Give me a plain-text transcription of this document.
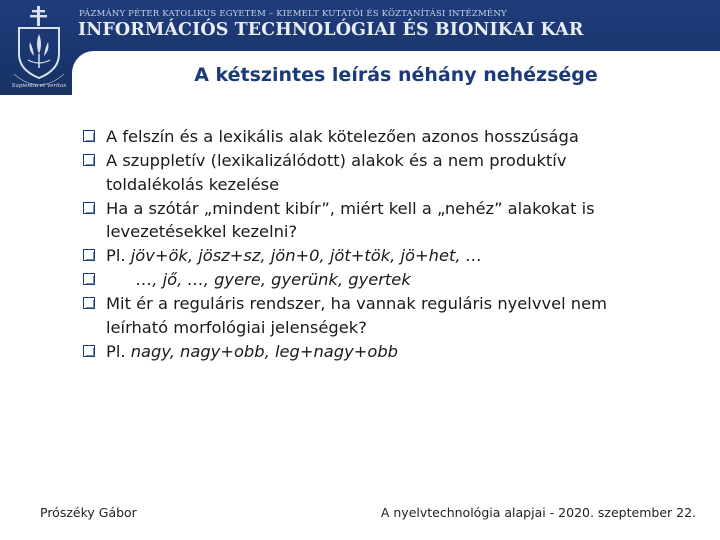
Sapientia et veritas
PÁZMÁNY PÉTER KATOLIKUS EGYETEM – KIEMELT KUTATÓI ÉS KÖZTANÍTÁSI INTÉZMÉNY
INFORMÁCIÓS TECHNOLÓGIAI ÉS BIONIKAI KAR
A kétszintes leírás néhány nehézsége
A felszín és a lexikális alak kötelezően azonos hosszúsága
A szuppletív (lexikalizálódott) alakok és a nem produktív
toldalékolás kezelése
Ha a szótár „mindent kibír”, miért kell a „nehéz” alakokat is
levezetésekkel kezelni?
Pl. jöv+ök, jösz+sz, jön+0, jöt+tök, jö+het, …
…, jő, …, gyere, gyerünk, gyertek
Mit ér a reguláris rendszer, ha vannak reguláris nyelvvel nem
leírható morfológiai jelenségek?
Pl. nagy, nagy+obb, leg+nagy+obb
Prószéky Gábor	A nyelvtechnológia alapjai - 2020. szeptember 22.
